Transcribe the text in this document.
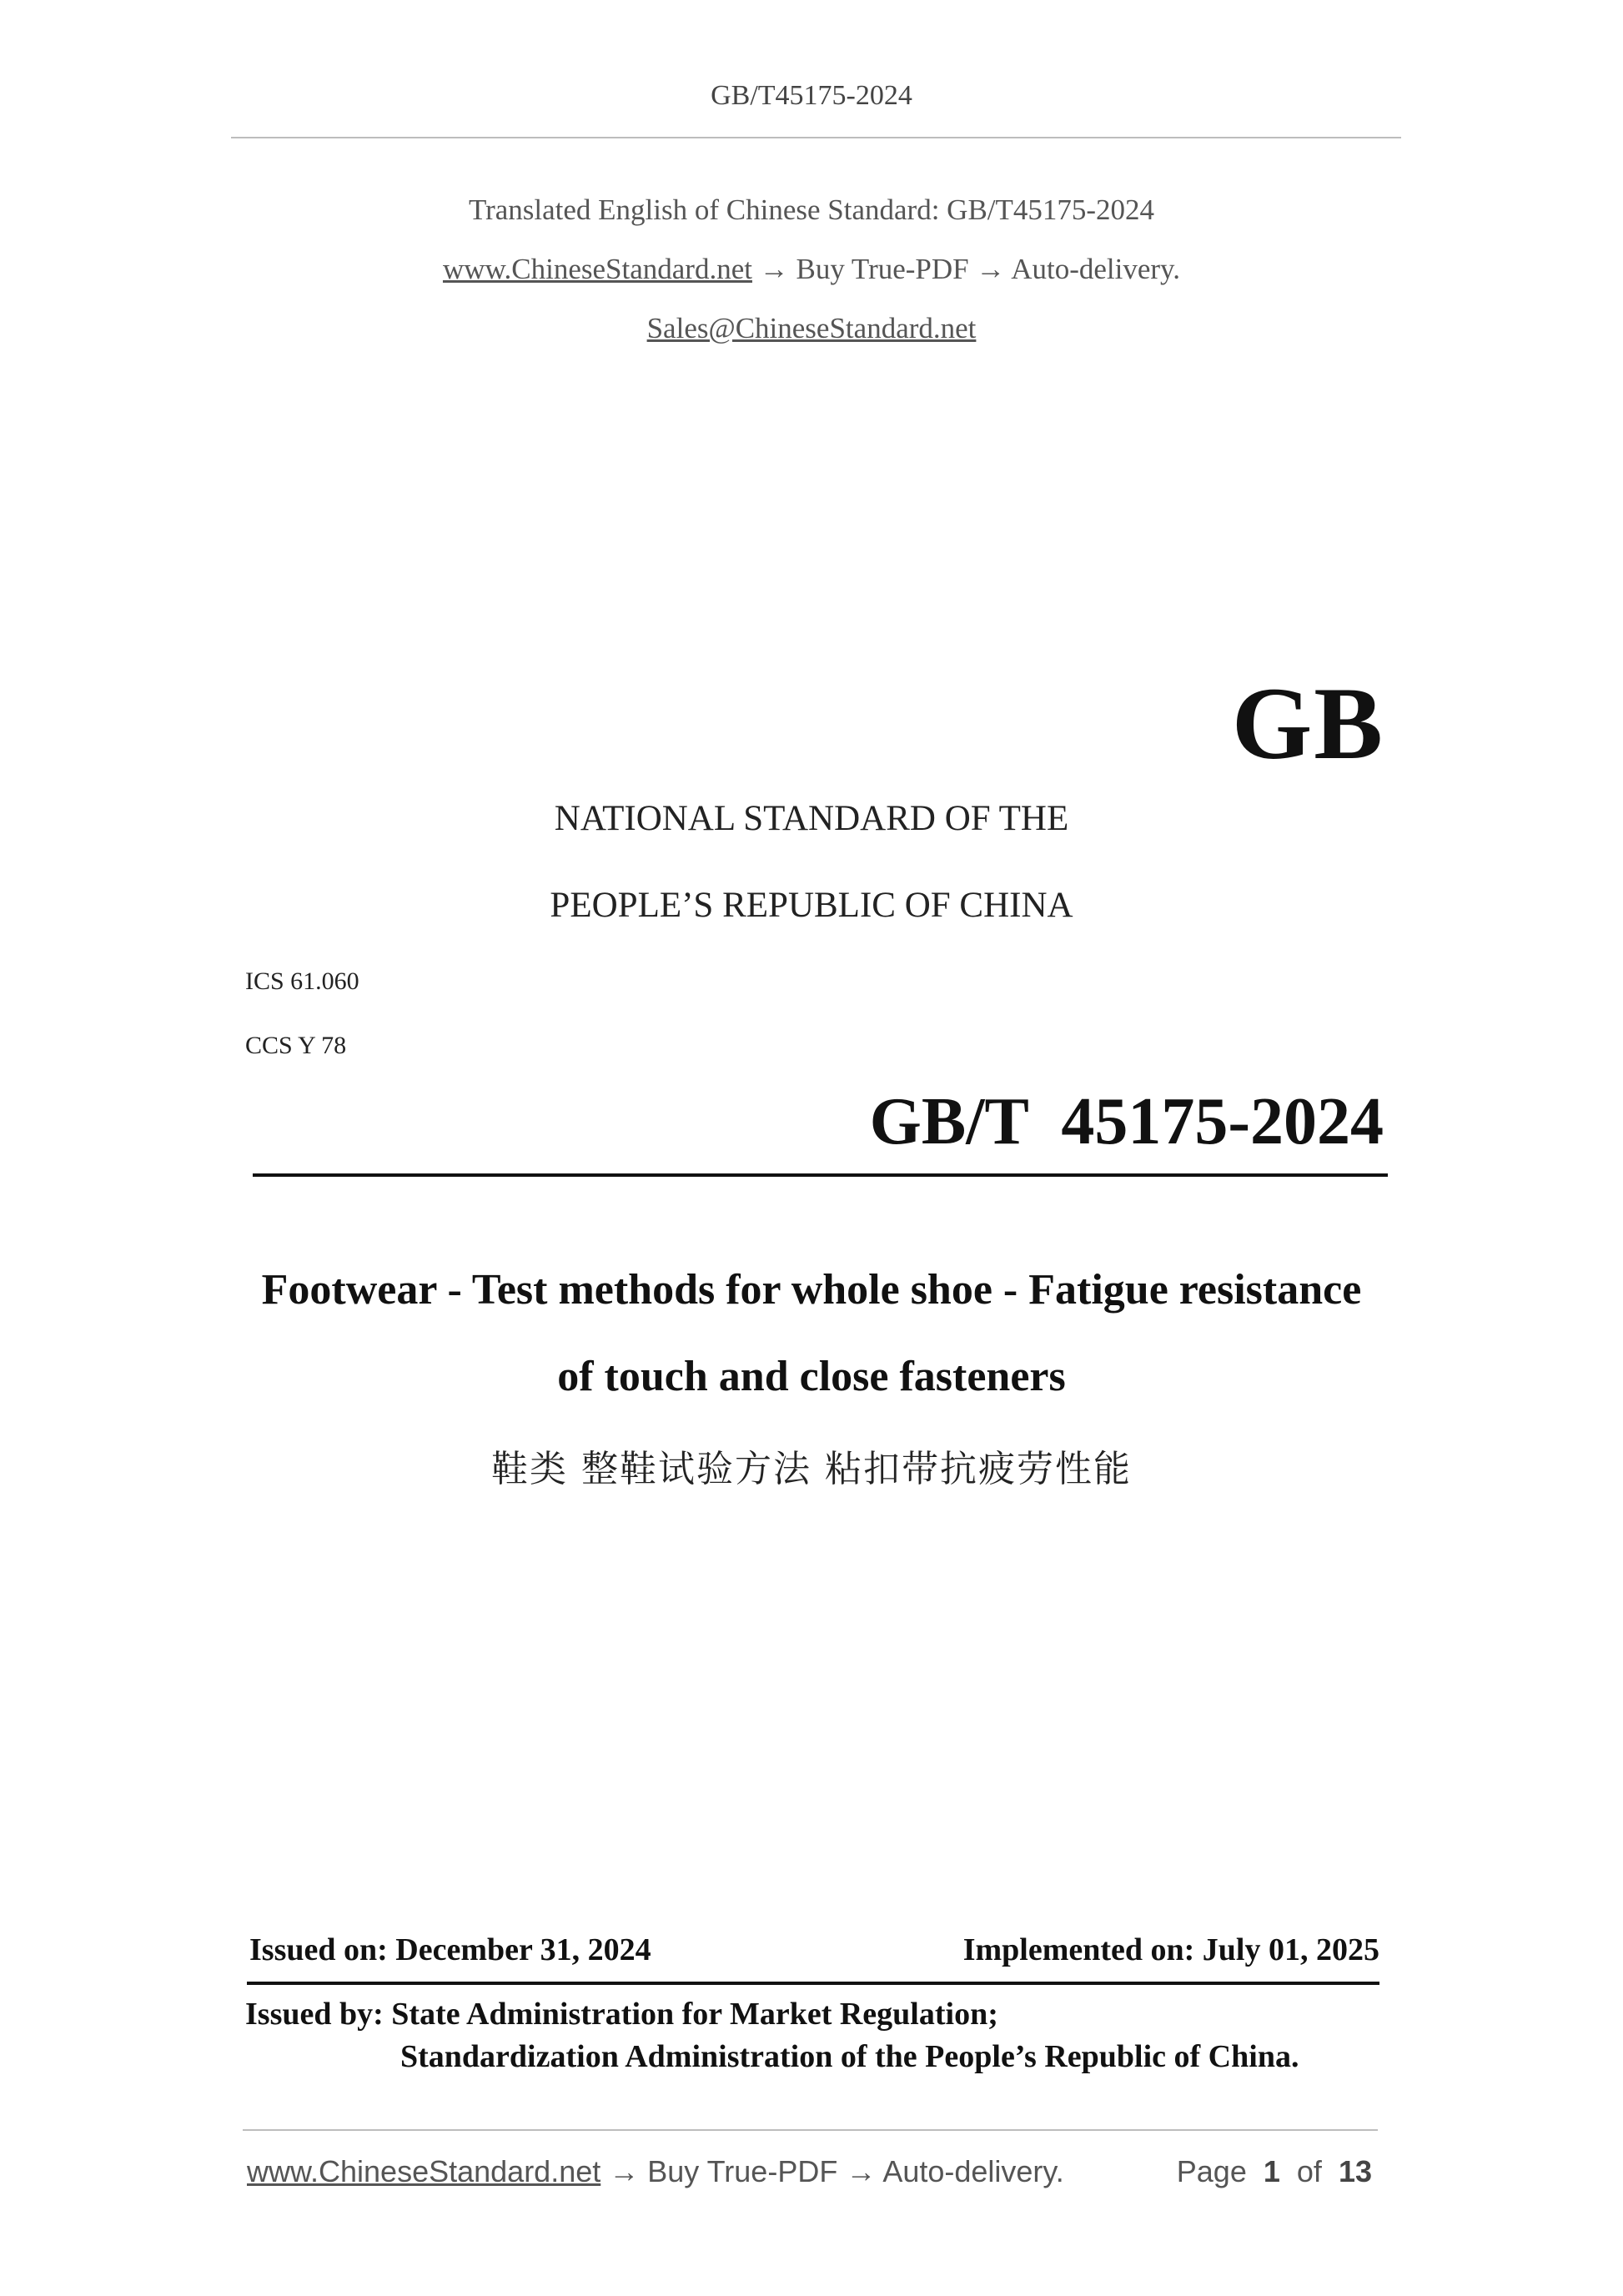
GB/T45175-2024
Translated English of Chinese Standard: GB/T45175-2024
www.ChineseStandard.net → Buy True-PDF → Auto-delivery.
Sales@ChineseStandard.net
GB
NATIONAL STANDARD OF THE
PEOPLE’S REPUBLIC OF CHINA
ICS 61.060
CCS Y 78
GB/T  45175-2024
Footwear - Test methods for whole shoe - Fatigue resistance
of touch and close fasteners
鞋类 整鞋试验方法 粘扣带抗疲劳性能
Issued on: December 31, 2024	Implemented on: July 01, 2025
Issued by: State Administration for Market Regulation;
Standardization Administration of the People’s Republic of China.
www.ChineseStandard.net → Buy True-PDF → Auto-delivery.	Page 1 of 13
